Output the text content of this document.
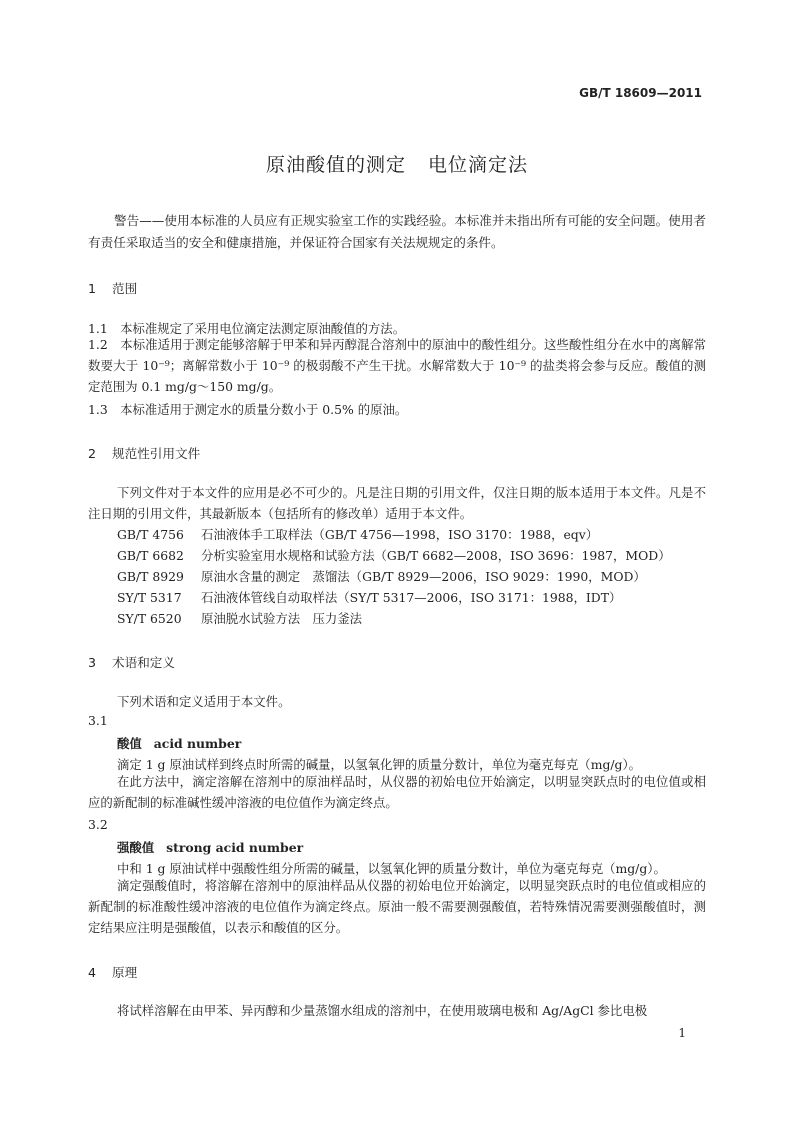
GB/T 18609—2011
原油酸值的测定 电位滴定法
警告——使用本标准的人员应有正规实验室工作的实践经验。本标准并未指出所有可能的安全问题。使用者有责任采取适当的安全和健康措施，并保证符合国家有关法规规定的条件。
1 范围
1.1　本标准规定了采用电位滴定法测定原油酸值的方法。
1.2　本标准适用于测定能够溶解于甲苯和异丙醇混合溶剂中的原油中的酸性组分。这些酸性组分在水中的离解常数要大于 10⁻⁹；离解常数小于 10⁻⁹ 的极弱酸不产生干扰。水解常数大于 10⁻⁹ 的盐类将会参与反应。酸值的测定范围为 0.1 mg/g～150 mg/g。
1.3　本标准适用于测定水的质量分数小于 0.5% 的原油。
2 规范性引用文件
下列文件对于本文件的应用是必不可少的。凡是注日期的引用文件，仅注日期的版本适用于本文件。凡是不注日期的引用文件，其最新版本（包括所有的修改单）适用于本文件。
GB/T 4756 石油液体手工取样法（GB/T 4756—1998，ISO 3170：1988，eqv）
GB/T 6682 分析实验室用水规格和试验方法（GB/T 6682—2008，ISO 3696：1987，MOD）
GB/T 8929 原油水含量的测定　蒸馏法（GB/T 8929—2006，ISO 9029：1990，MOD）
SY/T 5317 石油液体管线自动取样法（SY/T 5317—2006，ISO 3171：1988，IDT）
SY/T 6520 原油脱水试验方法　压力釜法
3 术语和定义
下列术语和定义适用于本文件。
3.1
酸值 acid number
滴定 1 g 原油试样到终点时所需的碱量，以氢氧化钾的质量分数计，单位为毫克每克（mg/g）。
在此方法中，滴定溶解在溶剂中的原油样品时，从仪器的初始电位开始滴定，以明显突跃点时的电位值或相应的新配制的标准碱性缓冲溶液的电位值作为滴定终点。
3.2
强酸值 strong acid number
中和 1 g 原油试样中强酸性组分所需的碱量，以氢氧化钾的质量分数计，单位为毫克每克（mg/g）。
滴定强酸值时，将溶解在溶剂中的原油样品从仪器的初始电位开始滴定，以明显突跃点时的电位值或相应的新配制的标准酸性缓冲溶液的电位值作为滴定终点。原油一般不需要测强酸值，若特殊情况需要测强酸值时，测定结果应注明是强酸值，以表示和酸值的区分。
4 原理
将试样溶解在由甲苯、异丙醇和少量蒸馏水组成的溶剂中，在使用玻璃电极和 Ag/AgCl 参比电极
1
